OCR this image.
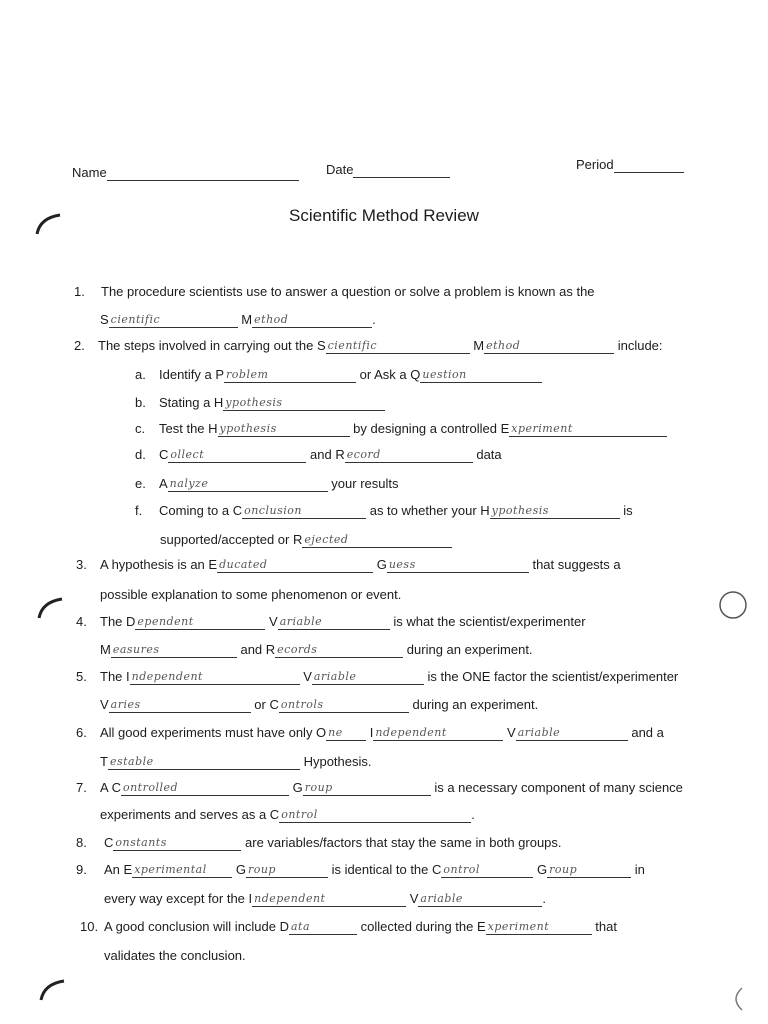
Name	Date	Period
Scientific Method Review
1. The procedure scientists use to answer a question or solve a problem is known as the
S cientific	M ethod	.
2. The steps involved in carrying out the S cientific	M ethod	include:
a. Identify a P roblem	or Ask a Q uestion
b. Stating a H ypothesis
c. Test the H ypothesis	by designing a controlled E xperiment
d. C ollect	and R ecord	data
e. A nalyze	your results
f. Coming to a C onclusion	as to whether your H ypothesis	is
supported/accepted or R ejected
3. A hypothesis is an E ducated	G uess	that suggests a
possible explanation to some phenomenon or event.
4. The D ependent	V ariable	is what the scientist/experimenter
M easures	and R ecords	during an experiment.
5. The I ndependent	V ariable	is the ONE factor the scientist/experimenter
V aries	or C ontrols	during an experiment.
6. All good experiments must have only O ne I ndependent	V ariable	and a
T estable	Hypothesis.
7. A C ontrolled	G roup	is a necessary component of many science
experiments and serves as a C ontrol	.
8. C onstants	are variables/factors that stay the same in both groups.
9. An E xperimental G roup	is identical to the C ontrol	G roup	in
every way except for the I ndependent	V ariable	.
10. A good conclusion will include D ata	collected during the E xperiment	that
validates the conclusion.
